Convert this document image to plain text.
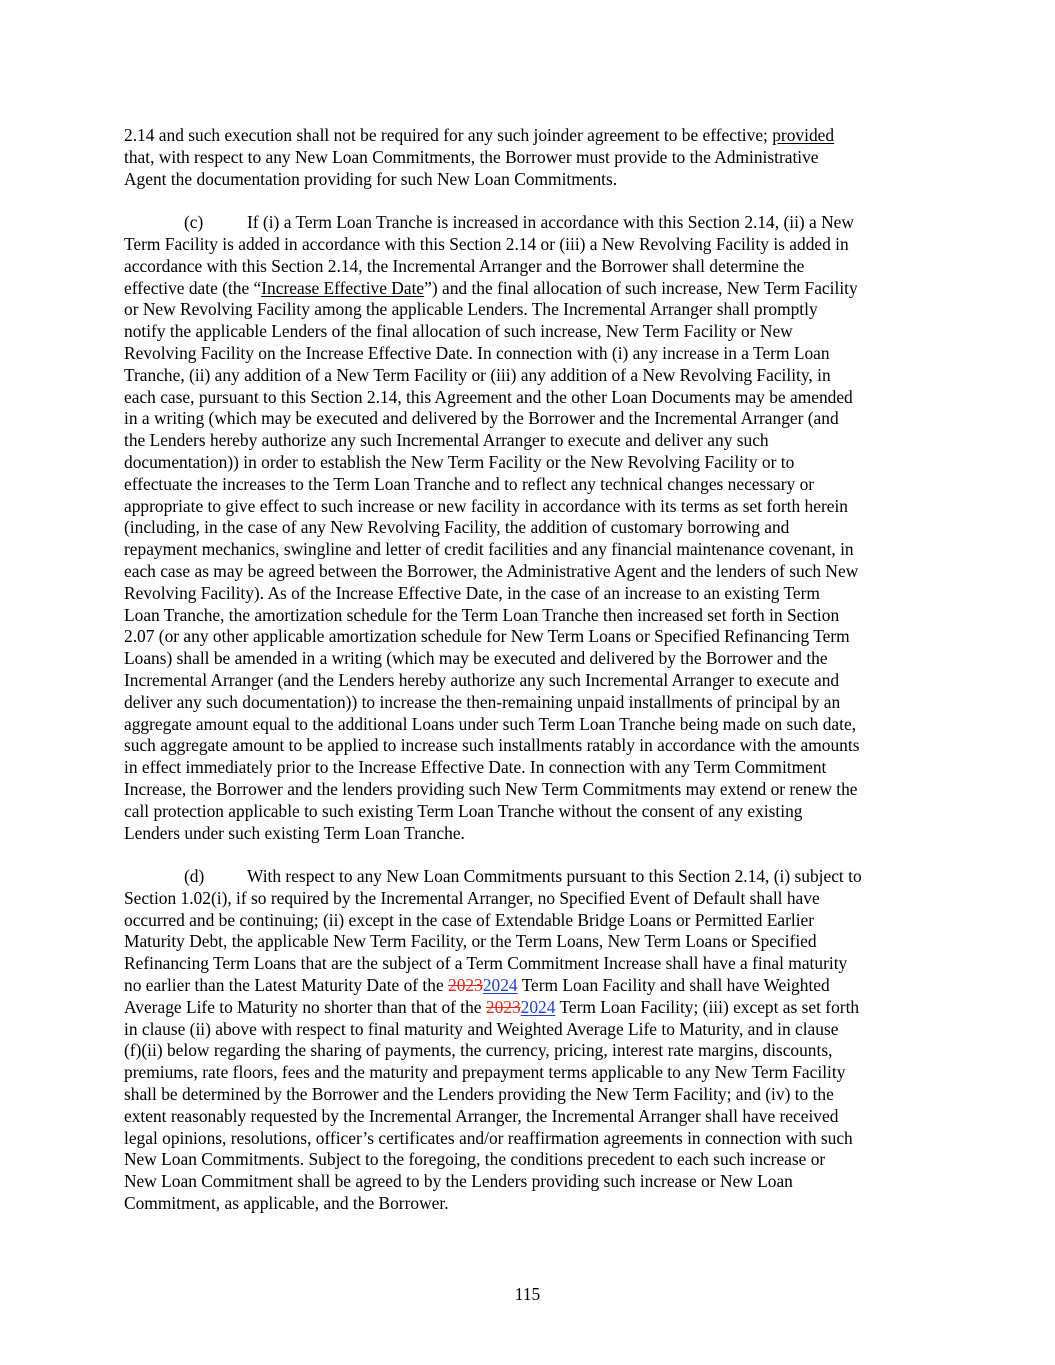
2.14 and such execution shall not be required for any such joinder agreement to be effective; provided
that, with respect to any New Loan Commitments, the Borrower must provide to the Administrative
Agent the documentation providing for such New Loan Commitments.
(c)	If (i) a Term Loan Tranche is increased in accordance with this Section 2.14, (ii) a New
Term Facility is added in accordance with this Section 2.14 or (iii) a New Revolving Facility is added in
accordance with this Section 2.14, the Incremental Arranger and the Borrower shall determine the
effective date (the “Increase Effective Date”) and the final allocation of such increase, New Term Facility
or New Revolving Facility among the applicable Lenders. The Incremental Arranger shall promptly
notify the applicable Lenders of the final allocation of such increase, New Term Facility or New
Revolving Facility on the Increase Effective Date. In connection with (i) any increase in a Term Loan
Tranche, (ii) any addition of a New Term Facility or (iii) any addition of a New Revolving Facility, in
each case, pursuant to this Section 2.14, this Agreement and the other Loan Documents may be amended
in a writing (which may be executed and delivered by the Borrower and the Incremental Arranger (and
the Lenders hereby authorize any such Incremental Arranger to execute and deliver any such
documentation)) in order to establish the New Term Facility or the New Revolving Facility or to
effectuate the increases to the Term Loan Tranche and to reflect any technical changes necessary or
appropriate to give effect to such increase or new facility in accordance with its terms as set forth herein
(including, in the case of any New Revolving Facility, the addition of customary borrowing and
repayment mechanics, swingline and letter of credit facilities and any financial maintenance covenant, in
each case as may be agreed between the Borrower, the Administrative Agent and the lenders of such New
Revolving Facility). As of the Increase Effective Date, in the case of an increase to an existing Term
Loan Tranche, the amortization schedule for the Term Loan Tranche then increased set forth in Section
2.07 (or any other applicable amortization schedule for New Term Loans or Specified Refinancing Term
Loans) shall be amended in a writing (which may be executed and delivered by the Borrower and the
Incremental Arranger (and the Lenders hereby authorize any such Incremental Arranger to execute and
deliver any such documentation)) to increase the then-remaining unpaid installments of principal by an
aggregate amount equal to the additional Loans under such Term Loan Tranche being made on such date,
such aggregate amount to be applied to increase such installments ratably in accordance with the amounts
in effect immediately prior to the Increase Effective Date. In connection with any Term Commitment
Increase, the Borrower and the lenders providing such New Term Commitments may extend or renew the
call protection applicable to such existing Term Loan Tranche without the consent of any existing
Lenders under such existing Term Loan Tranche.
(d) With respect to any New Loan Commitments pursuant to this Section 2.14, (i) subject to
Section 1.02(i), if so required by the Incremental Arranger, no Specified Event of Default shall have
occurred and be continuing; (ii) except in the case of Extendable Bridge Loans or Permitted Earlier
Maturity Debt, the applicable New Term Facility, or the Term Loans, New Term Loans or Specified
Refinancing Term Loans that are the subject of a Term Commitment Increase shall have a final maturity
no earlier than the Latest Maturity Date of the 20232024 Term Loan Facility and shall have Weighted
Average Life to Maturity no shorter than that of the 20232024 Term Loan Facility; (iii) except as set forth
in clause (ii) above with respect to final maturity and Weighted Average Life to Maturity, and in clause
(f)(ii) below regarding the sharing of payments, the currency, pricing, interest rate margins, discounts,
premiums, rate floors, fees and the maturity and prepayment terms applicable to any New Term Facility
shall be determined by the Borrower and the Lenders providing the New Term Facility; and (iv) to the
extent reasonably requested by the Incremental Arranger, the Incremental Arranger shall have received
legal opinions, resolutions, officer’s certificates and/or reaffirmation agreements in connection with such
New Loan Commitments. Subject to the foregoing, the conditions precedent to each such increase or
New Loan Commitment shall be agreed to by the Lenders providing such increase or New Loan
Commitment, as applicable, and the Borrower.
115
